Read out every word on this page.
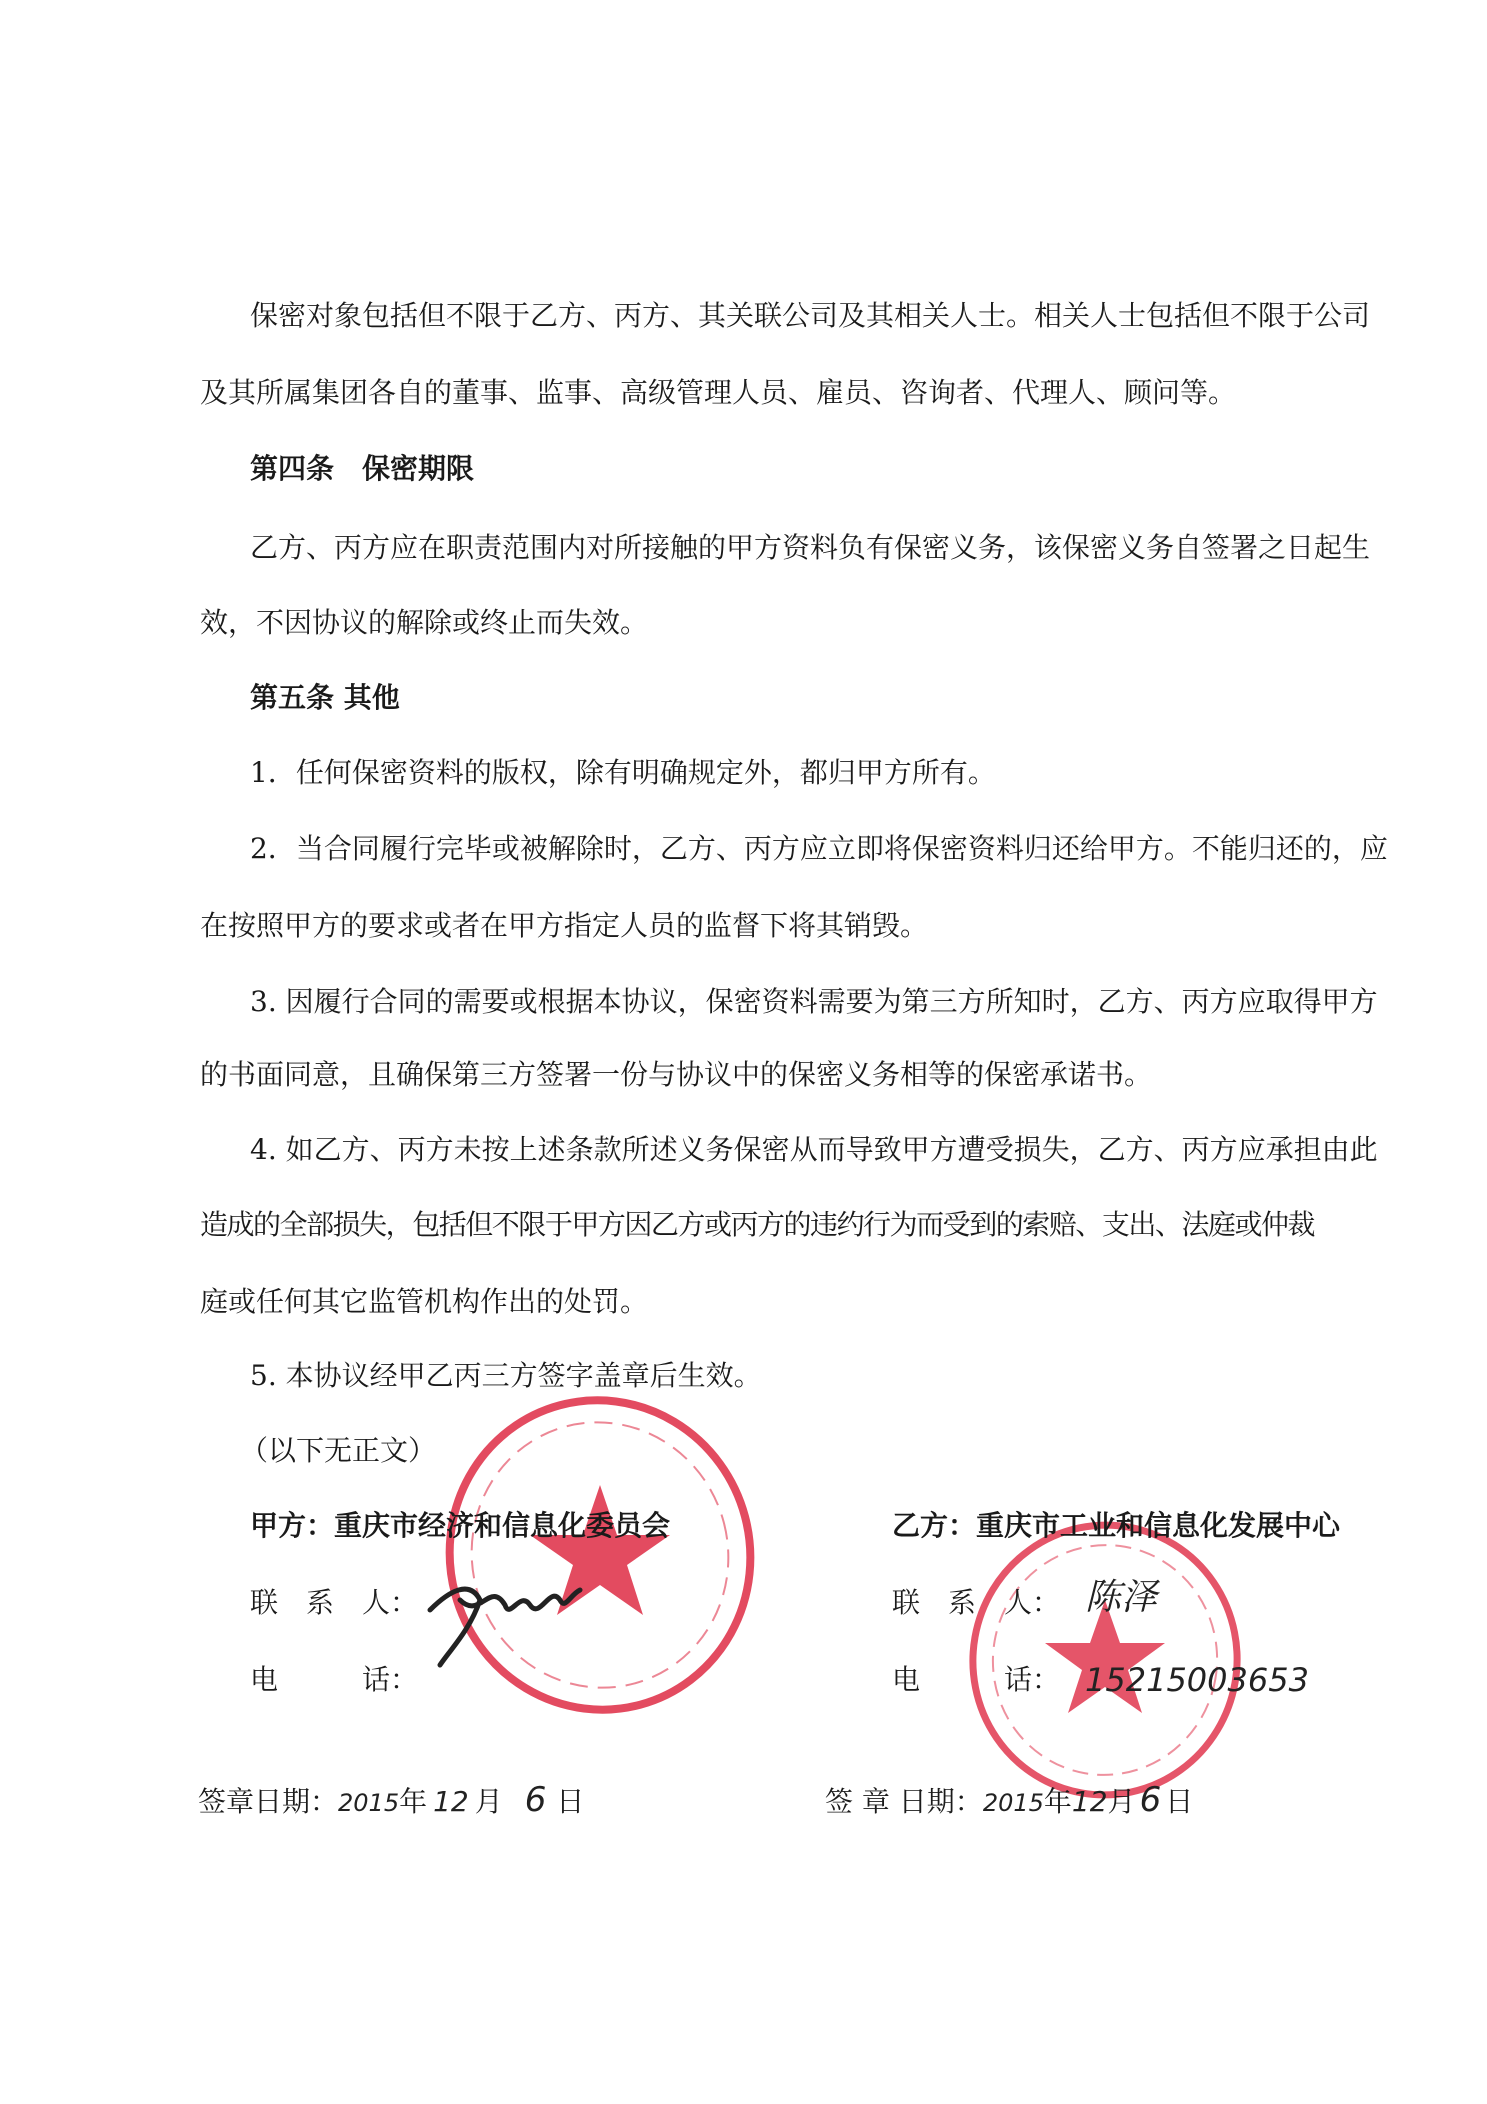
保密对象包括但不限于乙方、丙方、其关联公司及其相关人士。相关人士包括但不限于公司
及其所属集团各自的董事、监事、高级管理人员、雇员、咨询者、代理人、顾问等。
第四条　保密期限
乙方、丙方应在职责范围内对所接触的甲方资料负有保密义务，该保密义务自签署之日起生
效，不因协议的解除或终止而失效。
第五条 其他
1．任何保密资料的版权，除有明确规定外，都归甲方所有。
2．当合同履行完毕或被解除时，乙方、丙方应立即将保密资料归还给甲方。不能归还的，应
在按照甲方的要求或者在甲方指定人员的监督下将其销毁。
3. 因履行合同的需要或根据本协议，保密资料需要为第三方所知时，乙方、丙方应取得甲方
的书面同意，且确保第三方签署一份与协议中的保密义务相等的保密承诺书。
4. 如乙方、丙方未按上述条款所述义务保密从而导致甲方遭受损失，乙方、丙方应承担由此
造成的全部损失，包括但不限于甲方因乙方或丙方的违约行为而受到的索赔、支出、法庭或仲裁
庭或任何其它监管机构作出的处罚。
5. 本协议经甲乙丙三方签字盖章后生效。
（以下无正文）
甲方：重庆市经济和信息化委员会
联　系　人：
电　　　话：
签章日期：2015年 12 月 6 日
乙方：重庆市工业和信息化发展中心
联　系　人：
电　　　话：
签 章 日期：2015年12月 6 日
陈泽
15215003653
